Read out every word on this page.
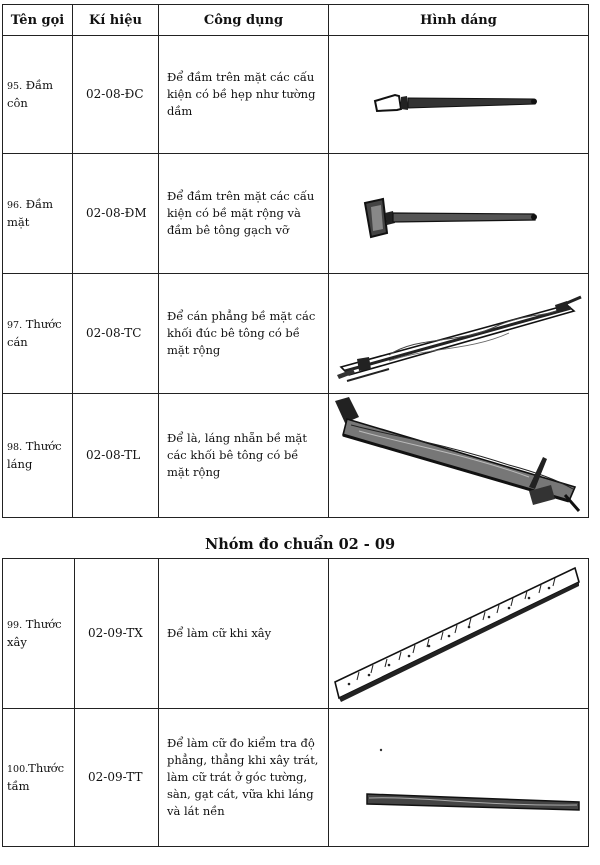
Tên gọi	Kí hiệu	Công dụng	Hình dáng
95. Đầm côn	02-08-ĐC	Để đầm trên mặt các cấu kiện có bề hẹp như tường dầm	

96. Đầm mặt	02-08-ĐM	Để đầm trên mặt các cấu kiện có bề mặt rộng và đầm bê tông gạch vỡ	

97. Thước cán	02-08-TC	Để cán phẳng bề mặt các khối đúc bê tông có bề mặt rộng	

98. Thước láng	02-08-TL	Để là, láng nhẵn bề mặt các khối bê tông có bề mặt rộng	
Nhóm đo chuẩn 02 - 09
99. Thước xây	02-09-TX	Để làm cữ khi xây	

100.Thước tầm	02-09-TT	Để làm cữ đo kiểm tra độ phẳng, thẳng khi xây trát, làm cữ trát ở góc tường, sàn, gạt cát, vữa khi láng và lát nền	
